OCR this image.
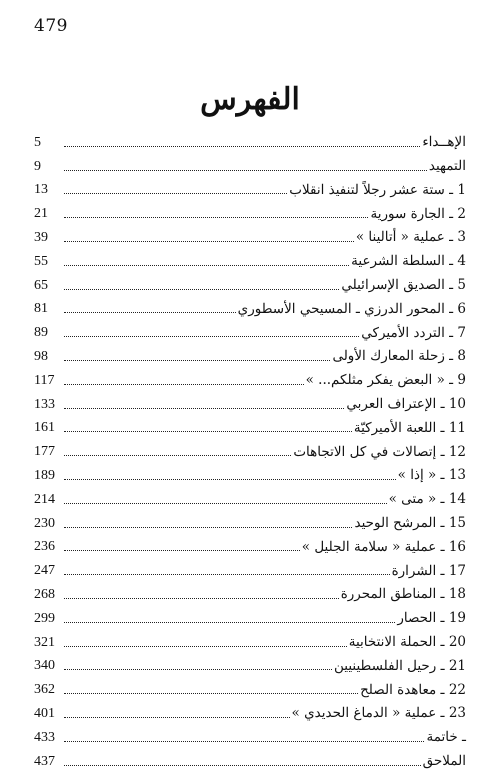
479
الفهرس
الإهــداء
5
التمهيد
9
1 ـ ستة عشر رجلاً لتنفيذ انقلاب
13
2 ـ الجارة سورية
21
3 ـ عملية « أتالينا »
39
4 ـ السلطة الشرعية
55
5 ـ الصديق الإسرائيلي
65
6 ـ المحور الدرزي ـ المسيحي الأسطوري
81
7 ـ التردد الأميركي
89
8 ـ زحلة المعارك الأولى
98
9 ـ « البعض يفكر مثلكم... »
117
10 ـ الإعتراف العربي
133
11 ـ اللعبة الأميركيّة
161
12 ـ إتصالات في كل الاتجاهات
177
13 ـ « إذا »
189
14 ـ « متى »
214
15 ـ المرشح الوحيد
230
16 ـ عملية « سلامة الجليل »
236
17 ـ الشرارة
247
18 ـ المناطق المحررة
268
19 ـ الحصار
299
20 ـ الحملة الانتخابية
321
21 ـ رحيل الفلسطينيين
340
22 ـ معاهدة الصلح
362
23 ـ عملية « الدماغ الحديدي »
401
ـ خاتمة
433
الملاحق
437
